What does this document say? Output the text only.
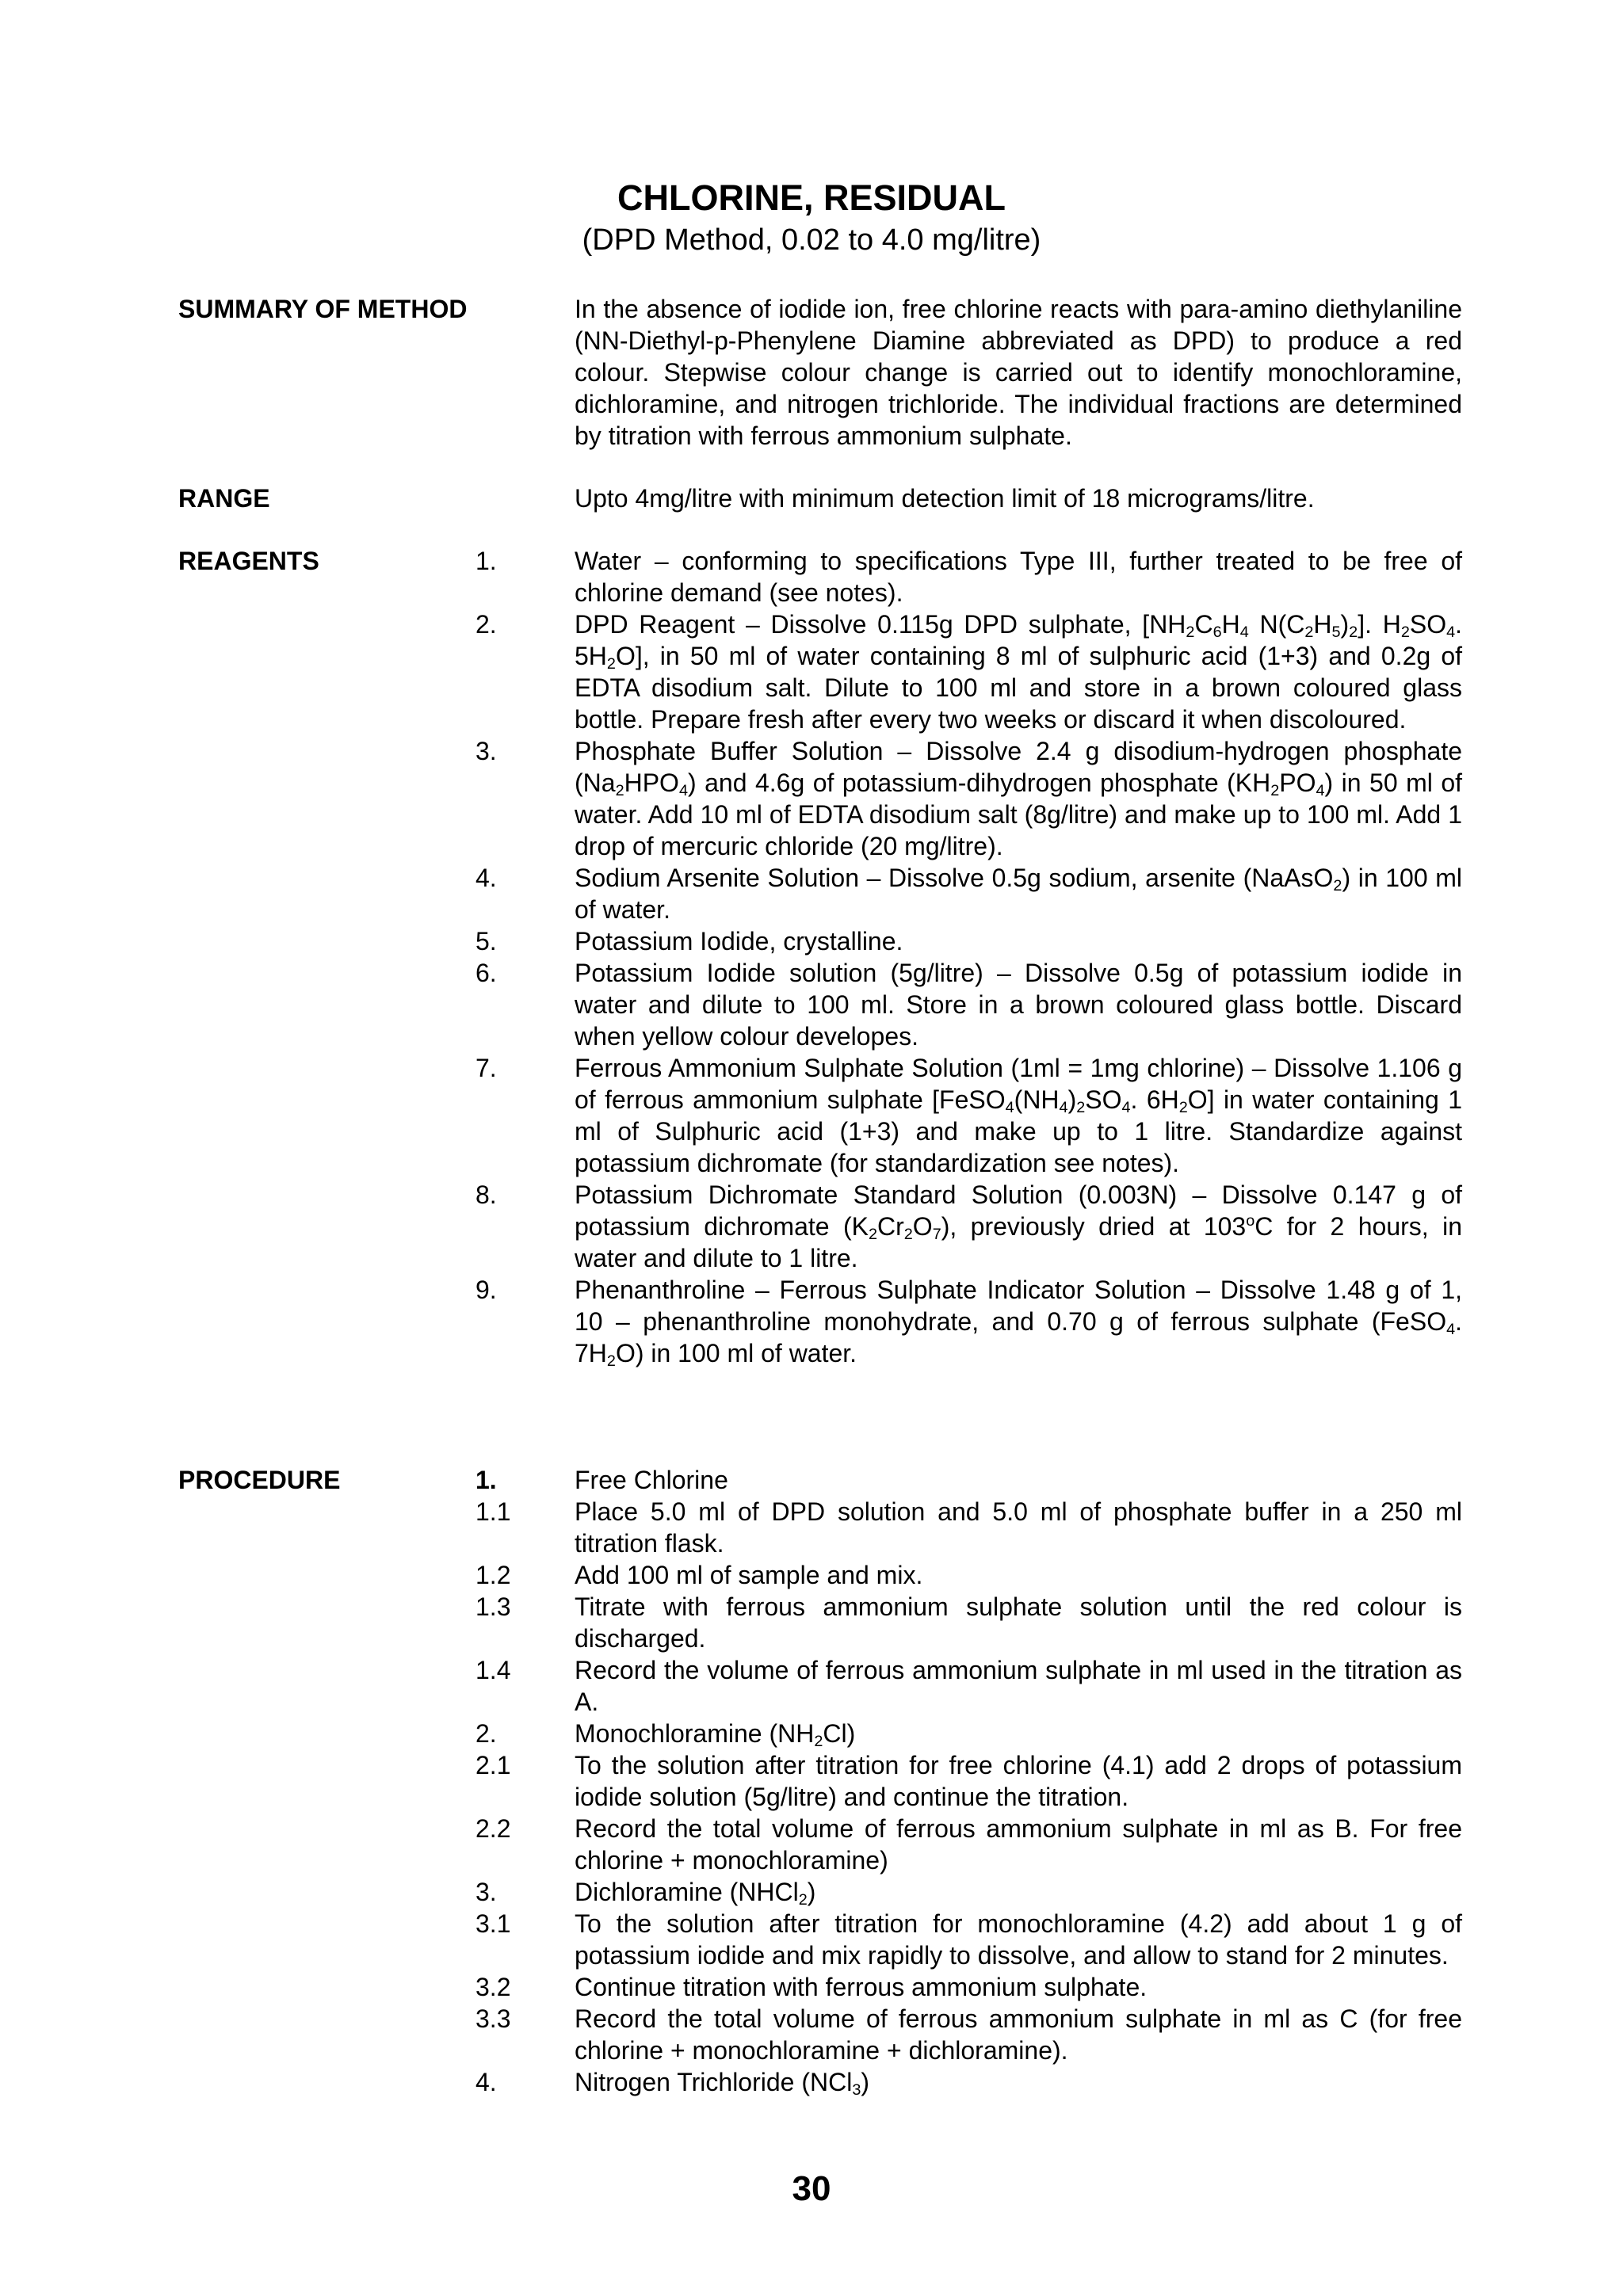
CHLORINE, RESIDUAL
(DPD Method, 0.02 to 4.0 mg/litre)
SUMMARY OF METHOD	In the absence of iodide ion, free chlorine reacts with para-amino diethylaniline (NN-Diethyl-p-Phenylene Diamine abbreviated as DPD) to produce a red colour. Stepwise colour change is carried out to identify monochloramine, dichloramine, and nitrogen trichloride. The individual fractions are determined by titration with ferrous ammonium sulphate.
RANGE	Upto 4mg/litre with minimum detection limit of 18 micrograms/litre.
REAGENTS	1.	Water – conforming to specifications Type III, further treated to be free of chlorine demand (see notes).
2.	DPD Reagent – Dissolve 0.115g DPD sulphate, [$NH_2C_6H_4$ $N(C_2H_5)_2$]. $H_2SO_4$. $5H_2O$], in 50 ml of water containing 8 ml of sulphuric acid (1+3) and 0.2g of EDTA disodium salt. Dilute to 100 ml and store in a brown coloured glass bottle. Prepare fresh after every two weeks or discard it when discoloured.
3.	Phosphate Buffer Solution – Dissolve 2.4 g disodium-hydrogen phosphate $(Na_2HPO_4)$ and 4.6g of potassium-dihydrogen phosphate $(KH_2PO_4)$ in 50 ml of water. Add 10 ml of EDTA disodium salt (8g/litre) and make up to 100 ml. Add 1 drop of mercuric chloride (20 mg/litre).
4.	Sodium Arsenite Solution – Dissolve 0.5g sodium, arsenite (NaAsO$_2$) in 100 ml of water.
5.	Potassium Iodide, crystalline.
6.	Potassium Iodide solution (5g/litre) – Dissolve 0.5g of potassium iodide in water and dilute to 100 ml. Store in a brown coloured glass bottle. Discard when yellow colour developes.
7.	Ferrous Ammonium Sulphate Solution (1ml = 1mg chlorine) – Dissolve 1.106 g of ferrous ammonium sulphate [$FeSO_4(NH_4)_2SO_4$. $6H_2O$] in water containing 1 ml of Sulphuric acid (1+3) and make up to 1 litre. Standardize against potassium dichromate (for standardization see notes).
8.	Potassium Dichromate Standard Solution (0.003N) – Dissolve 0.147 g of potassium dichromate $(K_2Cr_2O_7)$, previously dried at 103$^o$C for 2 hours, in water and dilute to 1 litre.
9.	Phenanthroline – Ferrous Sulphate Indicator Solution – Dissolve 1.48 g of 1, 10 – phenanthroline monohydrate, and 0.70 g of ferrous sulphate (FeSO$_4$. $7H_2O$) in 100 ml of water.
PROCEDURE	1.	Free Chlorine
1.1	Place 5.0 ml of DPD solution and 5.0 ml of phosphate buffer in a 250 ml titration flask.
1.2	Add 100 ml of sample and mix.
1.3	Titrate with ferrous ammonium sulphate solution until the red colour is discharged.
1.4	Record the volume of ferrous ammonium sulphate in ml used in the titration as A.
2.	Monochloramine $(NH_2Cl)$
2.1	To the solution after titration for free chlorine (4.1) add 2 drops of potassium iodide solution (5g/litre) and continue the titration.
2.2	Record the total volume of ferrous ammonium sulphate in ml as B. For free chlorine + monochloramine)
3.	Dichloramine (NHCl$_2$)
3.1	To the solution after titration for monochloramine (4.2) add about 1 g of potassium iodide and mix rapidly to dissolve, and allow to stand for 2 minutes.
3.2	Continue titration with ferrous ammonium sulphate.
3.3	Record the total volume of ferrous ammonium sulphate in ml as C (for free chlorine + monochloramine + dichloramine).
4.	Nitrogen Trichloride (NCl$_3$)
30
